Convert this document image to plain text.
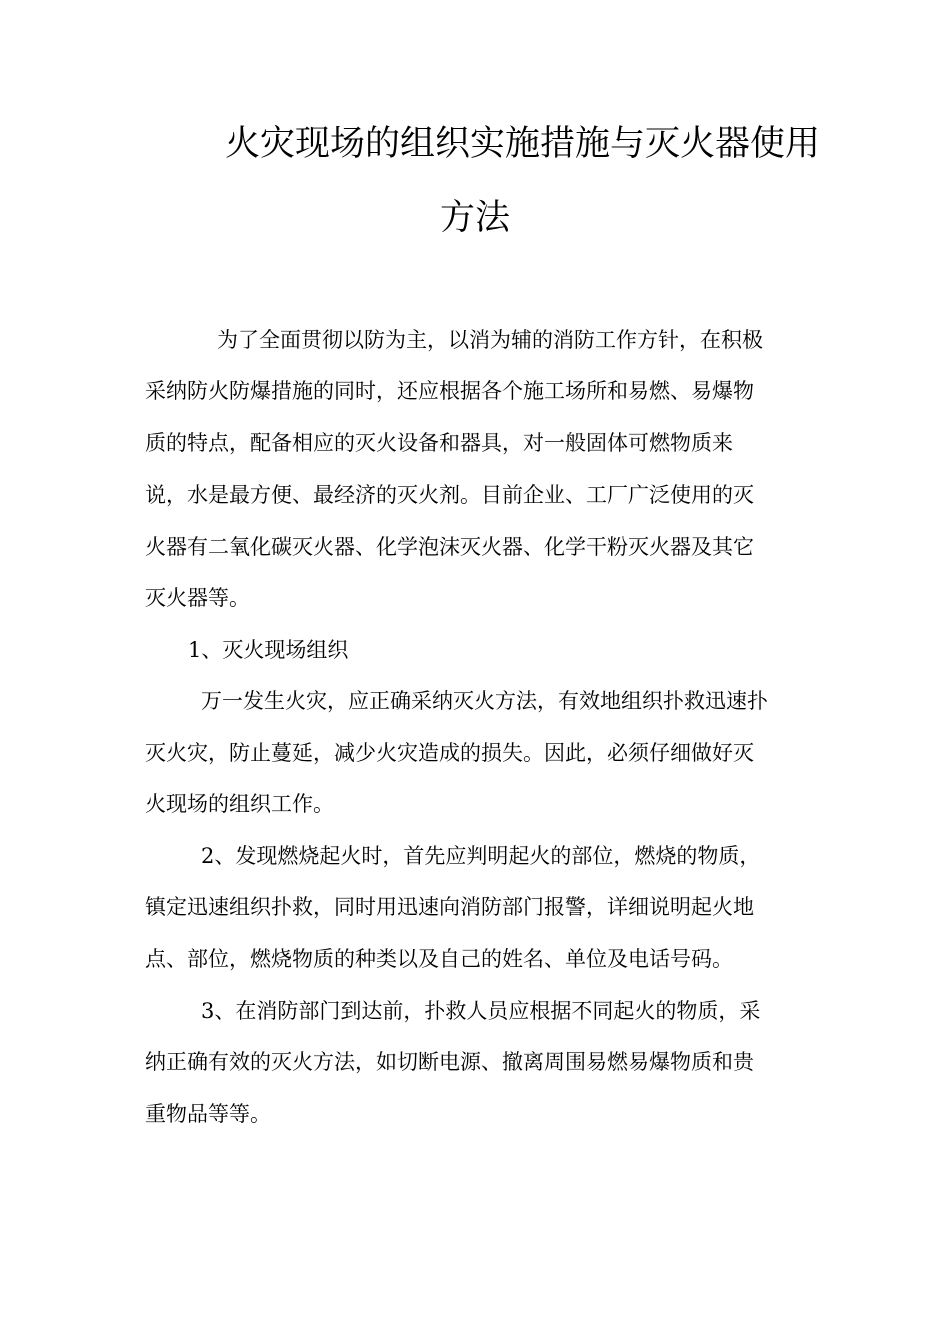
火灾现场的组织实施措施与灭火器使用
方法
为了全面贯彻以防为主，以消为辅的消防工作方针，在积极
采纳防火防爆措施的同时，还应根据各个施工场所和易燃、易爆物
质的特点，配备相应的灭火设备和器具，对一般固体可燃物质来
说，水是最方便、最经济的灭火剂。目前企业、工厂广泛使用的灭
火器有二氧化碳灭火器、化学泡沫灭火器、化学干粉灭火器及其它
灭火器等。
1、灭火现场组织
万一发生火灾，应正确采纳灭火方法，有效地组织扑救迅速扑
灭火灾，防止蔓延，减少火灾造成的损失。因此，必须仔细做好灭
火现场的组织工作。
2、发现燃烧起火时，首先应判明起火的部位，燃烧的物质，
镇定迅速组织扑救，同时用迅速向消防部门报警，详细说明起火地
点、部位，燃烧物质的种类以及自己的姓名、单位及电话号码。
3、在消防部门到达前，扑救人员应根据不同起火的物质，采
纳正确有效的灭火方法，如切断电源、撤离周围易燃易爆物质和贵
重物品等等。
